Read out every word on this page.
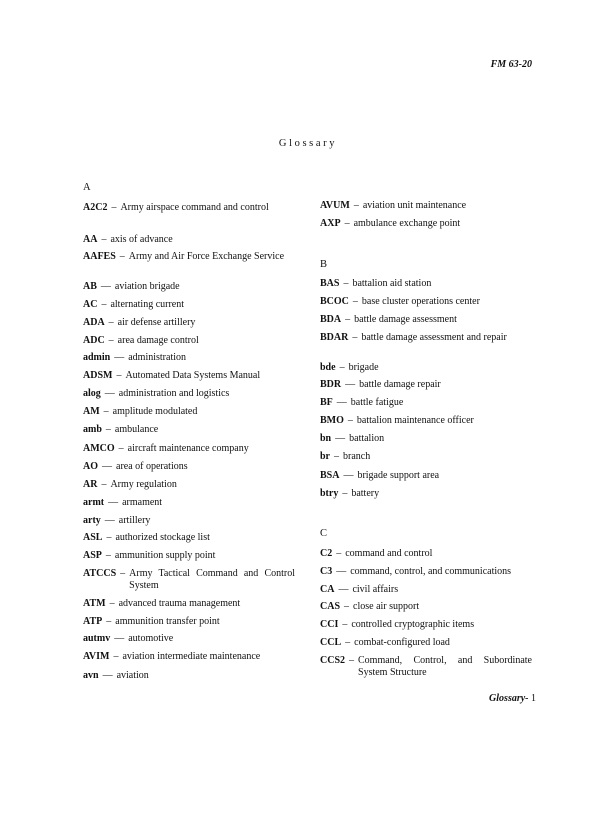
FM 63-20
Glossary
A
B
C
A2C2 – Army airspace command and control
AA – axis of advance
AAFES – Army and Air Force Exchange Service
AB — aviation brigade
AC – alternating current
ADA – air defense artillery
ADC – area damage control
admin — administration
ADSM – Automated Data Systems Manual
alog — administration and logistics
AM – amplitude modulated
amb – ambulance
AMCO – aircraft maintenance company
AO — area of operations
AR – Army regulation
armt — armament
arty — artillery
ASL – authorized stockage list
ASP – ammunition supply point
ATCCS – Army Tactical Command and Control System
ATM – advanced trauma management
ATP – ammunition transfer point
autmv — automotive
AVIM – aviation intermediate maintenance
avn — aviation
AVUM – aviation unit maintenance
AXP – ambulance exchange point
BAS – battalion aid station
BCOC – base cluster operations center
BDA – battle damage assessment
BDAR – battle damage assessment and repair
bde – brigade
BDR — battle damage repair
BF — battle fatigue
BMO – battalion maintenance officer
bn — battalion
br – branch
BSA — brigade support area
btry – battery
C2 – command and control
C3 — command, control, and communications
CA — civil affairs
CAS – close air support
CCI – controlled cryptographic items
CCL – combat-configured load
CCS2 – Command, Control, and Subordinate System Structure
Glossary- 1
